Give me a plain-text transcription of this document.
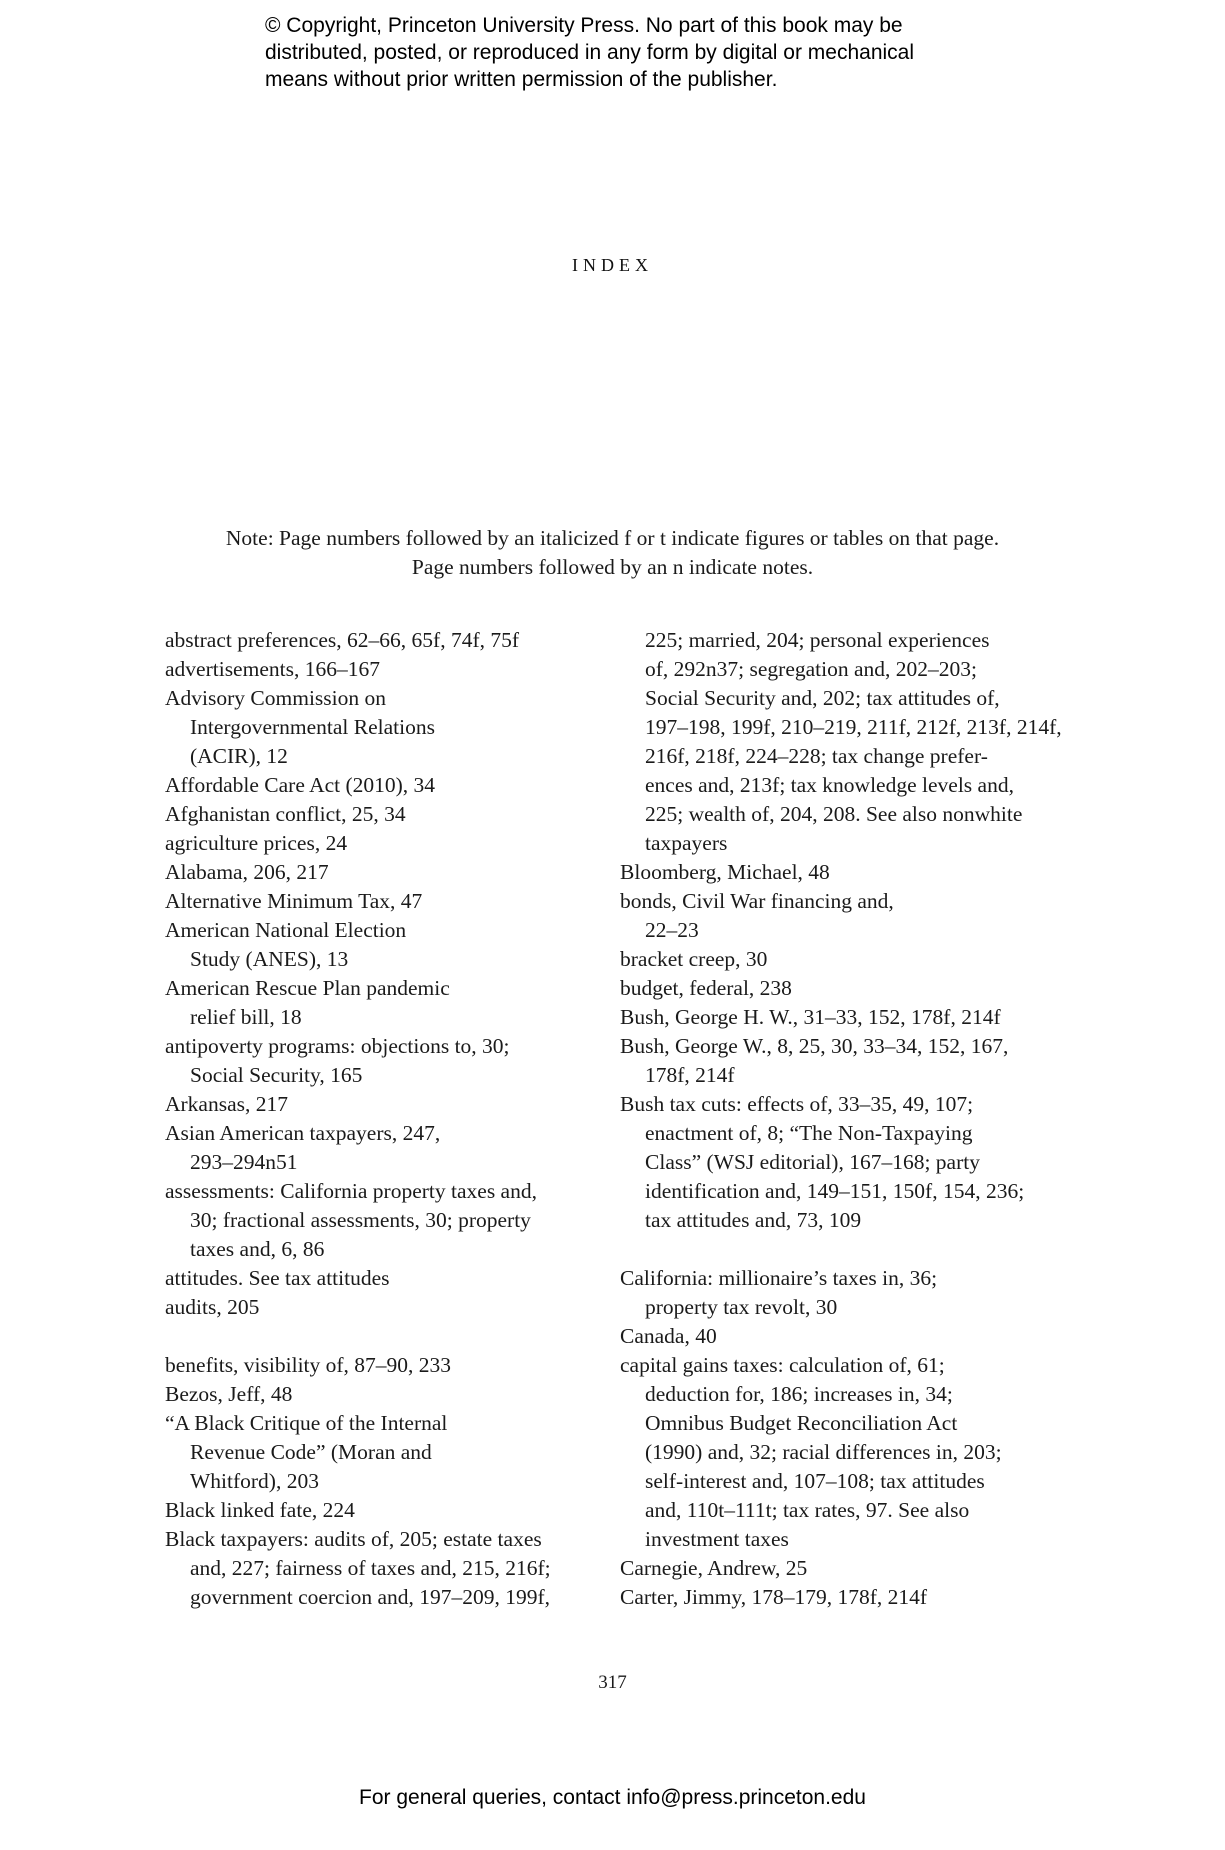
© Copyright, Princeton University Press. No part of this book may be
distributed, posted, or reproduced in any form by digital or mechanical
means without prior written permission of the publisher.
index
Note: Page numbers followed by an italicized f or t indicate figures or tables on that page.
Page numbers followed by an n indicate notes.
abstract preferences, 62–66, 65f, 74f, 75f
advertisements, 166–167
Advisory Commission on
Intergovernmental Relations
(ACIR), 12
Affordable Care Act (2010), 34
Afghanistan conflict, 25, 34
agriculture prices, 24
Alabama, 206, 217
Alternative Minimum Tax, 47
American National Election
Study (ANES), 13
American Rescue Plan pandemic
relief bill, 18
antipoverty programs: objections to, 30;
Social Security, 165
Arkansas, 217
Asian American taxpayers, 247,
293–294n51
assessments: California property taxes and,
30; fractional assessments, 30; property
taxes and, 6, 86
attitudes. See tax attitudes
audits, 205
benefits, visibility of, 87–90, 233
Bezos, Jeff, 48
“A Black Critique of the Internal
Revenue Code” (Moran and
Whitford), 203
Black linked fate, 224
Black taxpayers: audits of, 205; estate taxes
and, 227; fairness of taxes and, 215, 216f;
government coercion and, 197–209, 199f,
225; married, 204; personal experiences
of, 292n37; segregation and, 202–203;
Social Security and, 202; tax attitudes of,
197–198, 199f, 210–219, 211f, 212f, 213f, 214f,
216f, 218f, 224–228; tax change prefer-
ences and, 213f; tax knowledge levels and,
225; wealth of, 204, 208. See also nonwhite
taxpayers
Bloomberg, Michael, 48
bonds, Civil War financing and,
22–23
bracket creep, 30
budget, federal, 238
Bush, George H. W., 31–33, 152, 178f, 214f
Bush, George W., 8, 25, 30, 33–34, 152, 167,
178f, 214f
Bush tax cuts: effects of, 33–35, 49, 107;
enactment of, 8; “The Non-Taxpaying
Class” (WSJ editorial), 167–168; party
identification and, 149–151, 150f, 154, 236;
tax attitudes and, 73, 109
California: millionaire’s taxes in, 36;
property tax revolt, 30
Canada, 40
capital gains taxes: calculation of, 61;
deduction for, 186; increases in, 34;
Omnibus Budget Reconciliation Act
(1990) and, 32; racial differences in, 203;
self-interest and, 107–108; tax attitudes
and, 110t–111t; tax rates, 97. See also
investment taxes
Carnegie, Andrew, 25
Carter, Jimmy, 178–179, 178f, 214f
317
For general queries, contact info@press.princeton.edu
